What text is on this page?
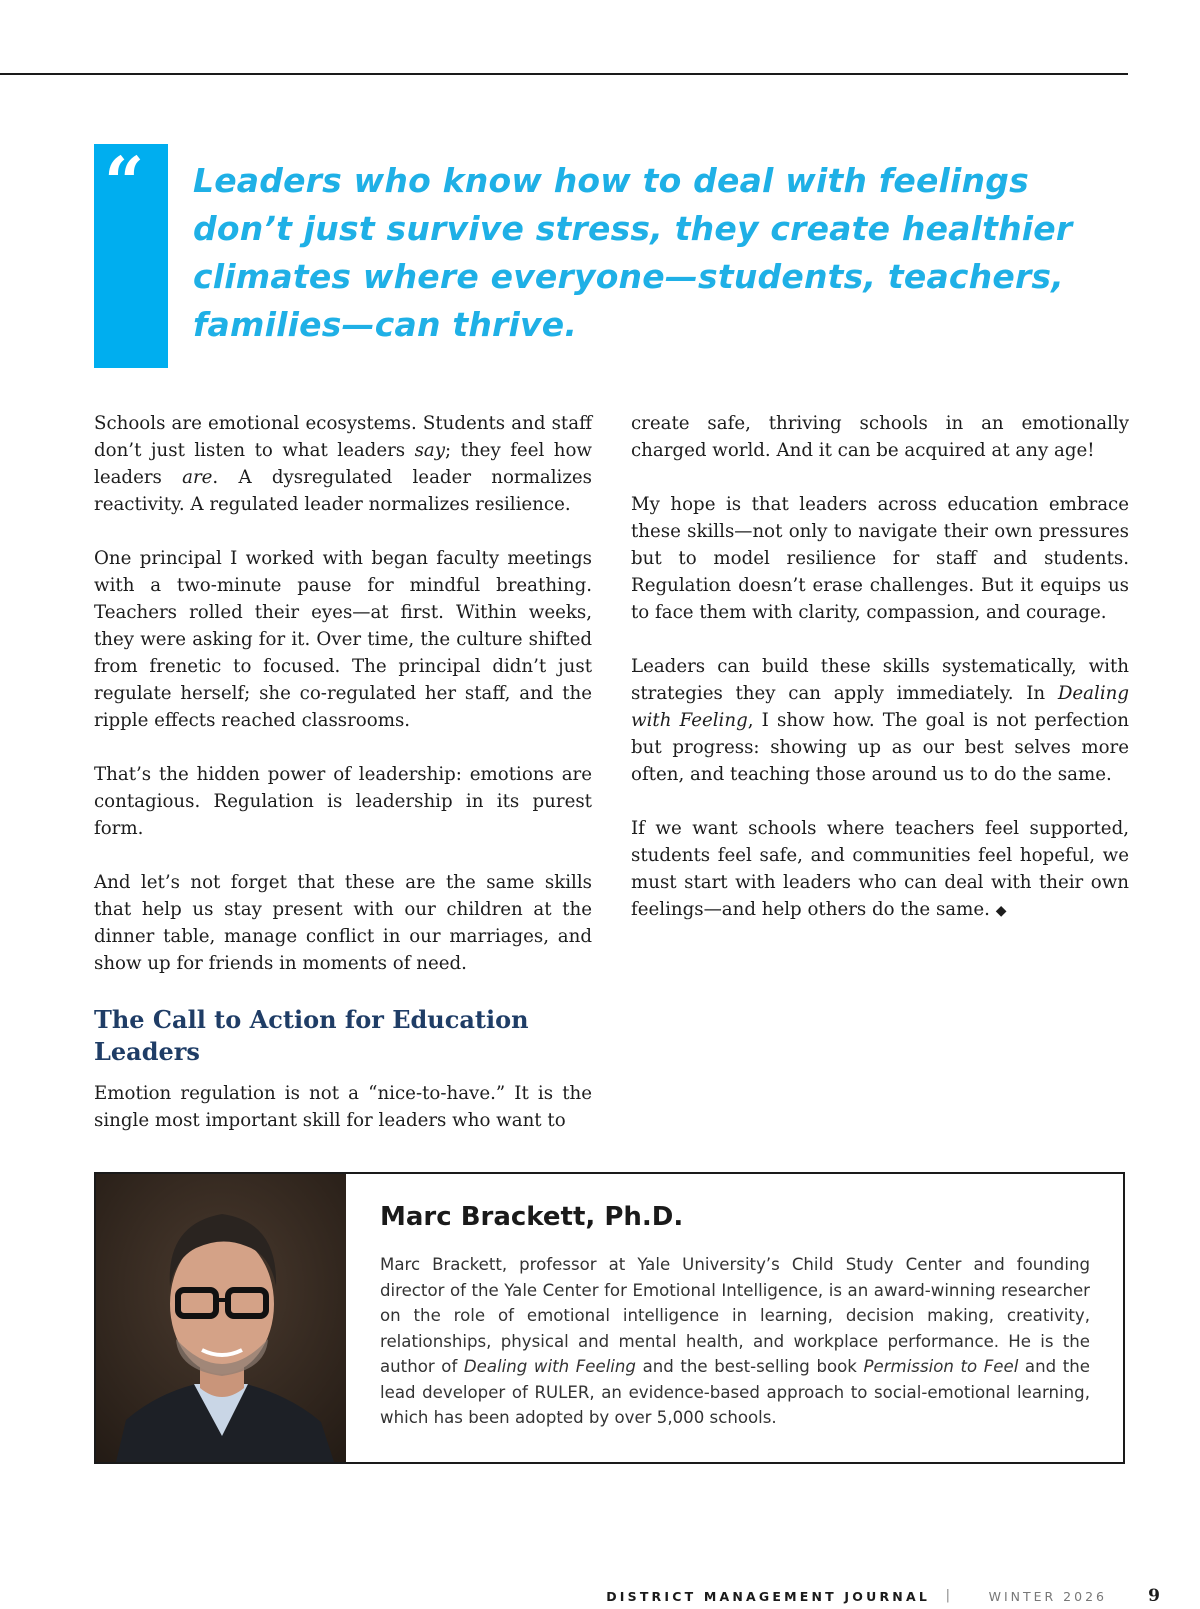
“	Leaders who know how to deal with feelings don’t just survive stress, they create healthier climates where everyone—students, teachers, families—can thrive.

Schools are emotional ecosystems. Students and staff don’t just listen to what leaders say; they feel how leaders are. A dysregulated leader normalizes reactivity. A regulated leader normalizes resilience.

One principal I worked with began faculty meetings with a two-minute pause for mindful breathing. Teachers rolled their eyes—at first. Within weeks, they were asking for it. Over time, the culture shifted from frenetic to focused. The principal didn’t just regulate herself; she co-regulated her staff, and the ripple effects reached classrooms.

That’s the hidden power of leadership: emotions are contagious. Regulation is leadership in its purest form.

And let’s not forget that these are the same skills that help us stay present with our children at the dinner table, manage conflict in our marriages, and show up for friends in moments of need.

The Call to Action for Education Leaders

Emotion regulation is not a “nice-to-have.” It is the single most important skill for leaders who want to

create safe, thriving schools in an emotionally charged world. And it can be acquired at any age!

My hope is that leaders across education embrace these skills—not only to navigate their own pressures but to model resilience for staff and students. Regulation doesn’t erase challenges. But it equips us to face them with clarity, compassion, and courage.

Leaders can build these skills systematically, with strategies they can apply immediately. In Dealing with Feeling, I show how. The goal is not perfection but progress: showing up as our best selves more often, and teaching those around us to do the same.

If we want schools where teachers feel supported, students feel safe, and communities feel hopeful, we must start with leaders who can deal with their own feelings—and help others do the same. ◆

Marc Brackett, Ph.D.

Marc Brackett, professor at Yale University’s Child Study Center and founding director of the Yale Center for Emotional Intelligence, is an award-winning researcher on the role of emotional intelligence in learning, decision making, creativity, relationships, physical and mental health, and workplace performance. He is the author of Dealing with Feeling and the best-selling book Permission to Feel and the lead developer of RULER, an evidence-based approach to social-emotional learning, which has been adopted by over 5,000 schools.

DISTRICT MANAGEMENT JOURNAL |	WINTER 2026 9
